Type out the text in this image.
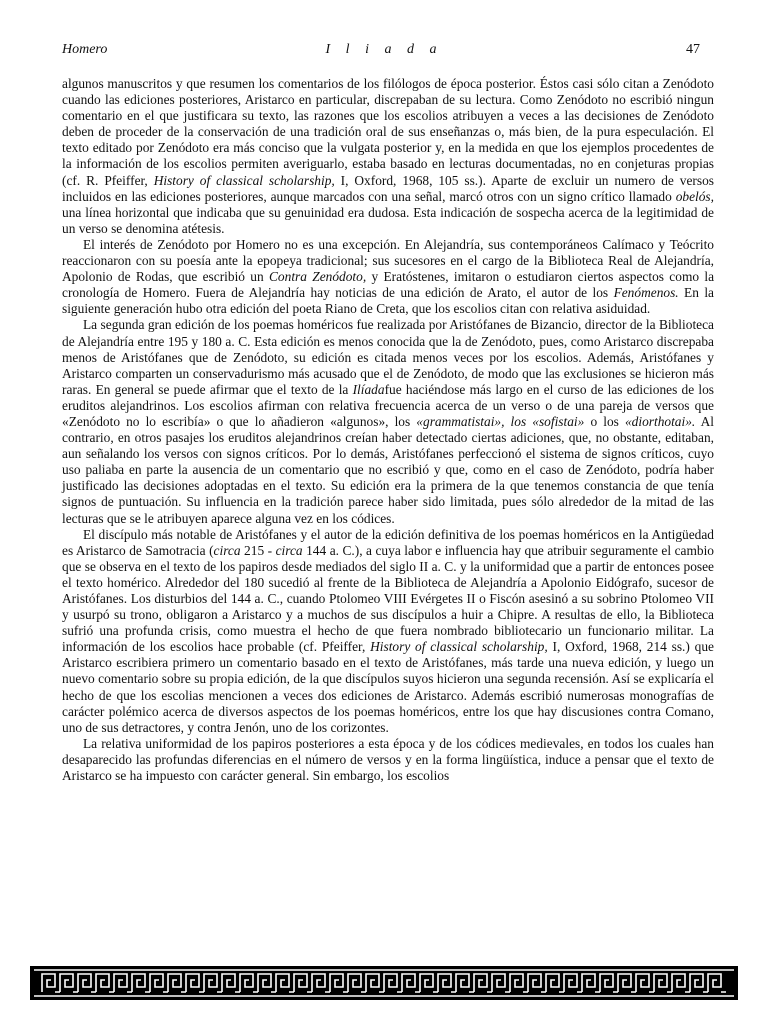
Homero	I l i a d a	47

algunos manuscritos y que resumen los comentarios de los filólogos de época posterior. Éstos casi sólo citan a Zenódoto cuando las ediciones posteriores, Aristarco en particular, discrepaban de su lectura. Como Zenódoto no escribió ningun comentario en el que justificara su texto, las razones que los escolios atribuyen a veces a las decisiones de Zenódoto deben de proceder de la conservación de una tradición oral de sus enseñanzas o, más bien, de la pura especulación. El texto editado por Zenódoto era más conciso que la vulgata posterior y, en la medida en que los ejemplos procedentes de la información de los escolios permiten averiguarlo, estaba basado en lecturas documentadas, no en conjeturas propias (cf. R. Pfeiffer, History of classical scholarship, I, Oxford, 1968, 105 ss.). Aparte de excluir un numero de versos incluidos en las ediciones posteriores, aunque marcados con una señal, marcó otros con un signo crítico llamado obelós, una línea horizontal que indicaba que su genuinidad era dudosa. Esta indicación de sospecha acerca de la legitimidad de un verso se denomina atétesis.

El interés de Zenódoto por Homero no es una excepción. En Alejandría, sus contemporáneos Calímaco y Teócrito reaccionaron con su poesía ante la epopeya tradicional; sus sucesores en el cargo de la Biblioteca Real de Alejandría, Apolonio de Rodas, que escribió un Contra Zenódoto, y Eratóstenes, imitaron o estudiaron ciertos aspectos como la cronología de Homero. Fuera de Alejandría hay noticias de una edición de Arato, el autor de los Fenómenos. En la siguiente generación hubo otra edición del poeta Riano de Creta, que los escolios citan con relativa asiduidad.

La segunda gran edición de los poemas homéricos fue realizada por Aristófanes de Bizancio, director de la Biblioteca de Alejandría entre 195 y 180 a. C. Esta edición es menos conocida que la de Zenódoto, pues, como Aristarco discrepaba menos de Aristófanes que de Zenódoto, su edición es citada menos veces por los escolios. Además, Aristófanes y Aristarco comparten un conservadurismo más acusado que el de Zenódoto, de modo que las exclusiones se hicieron más raras. En general se puede afirmar que el texto de la Ilíadafue haciéndose más largo en el curso de las ediciones de los eruditos alejandrinos. Los escolios afirman con relativa frecuencia acerca de un verso o de una pareja de versos que «Zenódoto no lo escribía» o que lo añadieron «algunos», los «grammatistai», los «sofistai» o los «diorthotai». Al contrario, en otros pasajes los eruditos alejandrinos creían haber detectado ciertas adiciones, que, no obstante, editaban, aun señalando los versos con signos críticos. Por lo demás, Aristófanes perfeccionó el sistema de signos críticos, cuyo uso paliaba en parte la ausencia de un comentario que no escribió y que, como en el caso de Zenódoto, podría haber justificado las decisiones adoptadas en el texto. Su edición era la primera de la que tenemos constancia de que tenía signos de puntuación. Su influencia en la tradición parece haber sido limitada, pues sólo alrededor de la mitad de las lecturas que se le atribuyen aparece alguna vez en los códices.

El discípulo más notable de Aristófanes y el autor de la edición definitiva de los poemas homéricos en la Antigüedad es Aristarco de Samotracia (circa 215 - circa 144 a. C.), a cuya labor e influencia hay que atribuir seguramente el cambio que se observa en el texto de los papiros desde mediados del siglo II a. C. y la uniformidad que a partir de entonces posee el texto homérico. Alrededor del 180 sucedió al frente de la Biblioteca de Alejandría a Apolonio Eidógrafo, sucesor de Aristófanes. Los disturbios del 144 a. C., cuando Ptolomeo VIII Evérgetes II o Fiscón asesinó a su sobrino Ptolomeo VII y usurpó su trono, obligaron a Aristarco y a muchos de sus discípulos a huir a Chipre. A resultas de ello, la Biblioteca sufrió una profunda crisis, como muestra el hecho de que fuera nombrado bibliotecario un funcionario militar. La información de los escolios hace probable (cf. Pfeiffer, History of classical scholarship, I, Oxford, 1968, 214 ss.) que Aristarco escribiera primero un comentario basado en el texto de Aristófanes, más tarde una nueva edición, y luego un nuevo comentario sobre su propia edición, de la que discípulos suyos hicieron una segunda recensión. Así se explicaría el hecho de que los escolias mencionen a veces dos ediciones de Aristarco. Además escribió numerosas monografías de carácter polémico acerca de diversos aspectos de los poemas homéricos, entre los que hay discusiones contra Comano, uno de sus detractores, y contra Jenón, uno de los corizontes.

La relativa uniformidad de los papiros posteriores a esta época y de los códices medievales, en todos los cuales han desaparecido las profundas diferencias en el número de versos y en la forma lingüística, induce a pensar que el texto de Aristarco se ha impuesto con carácter general. Sin embargo, los escolios
